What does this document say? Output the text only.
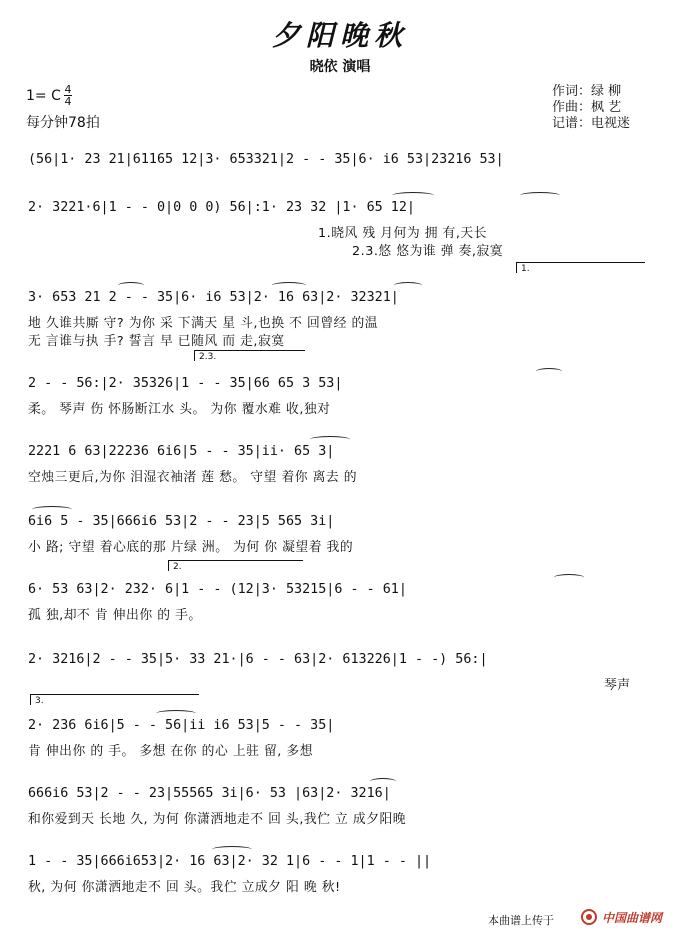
夕阳晚秋
晓依 演唱
1= C 4
4
每分钟78拍
作词：绿 柳
作曲：枫 艺
记谱：电视迷
(56|1· 23 21|61165 12|3· 653321|2 - - 35|6· i6 53|23216 53|
2· 3221·6|1 - - 0|0 0 0) 56|:1· 23 32 |1· 65 12|
1.晓风 残 月何为 拥 有,天长
2.3.悠 悠为谁 弹 奏,寂寞
1.
3· 653 21 2 - - 35|6· i6 53|2· 16 63|2· 32321|
地 久谁共厮 守? 为你 采 下满天 星 斗,也换 不 回曾经 的温
无 言谁与执 手? 誓言 早 已随风 而 走,寂寞
2.3.
2 - - 56:|2· 35326|1 - - 35|66 65 3 53|
柔。 琴声 伤 怀肠断江水 头。 为你 覆水难 收,独对
2221 6 63|22236 6i6|5 - - 35|ii· 65 3|
空烛三更后,为你 泪湿衣袖渚 莲 愁。 守望 着你 离去 的
6i6 5 - 35|666i6 53|2 - - 23|5 565 3i|
小 路; 守望 着心底的那 片绿 洲。 为何 你 凝望着 我的
2.
6· 53 63|2· 232· 6|1 - - (12|3· 53215|6 - - 61|
孤 独,却不 肯 伸出你 的 手。
2· 3216|2 - - 35|5· 33 21·|6 - - 63|2· 613226|1 - -) 56:|
琴声
3.
2· 236 6i6|5 - - 56|ii i6 53|5 - - 35|
肯 伸出你 的 手。 多想 在你 的心 上驻 留, 多想
666i6 53|2 - - 23|55565 3i|6· 53 |63|2· 3216|
和你爱到天 长地 久, 为何 你潇洒地走不 回 头,我伫 立 成夕阳晚
1 - - 35|666i653|2· 16 63|2· 32 1|6 - - 1|1 - - ||
秋, 为何 你潇洒地走不 回 头。我伫 立成夕 阳 晚 秋!
本曲谱上传于	中国曲谱网
